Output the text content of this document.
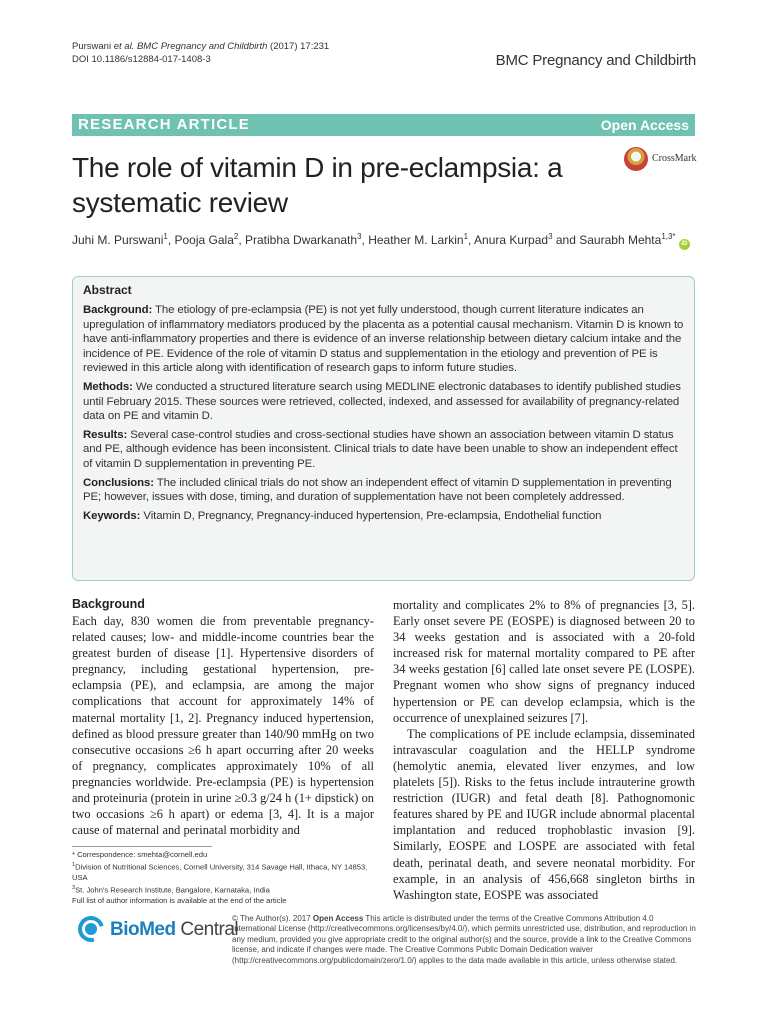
Purswani et al. BMC Pregnancy and Childbirth (2017) 17:231
DOI 10.1186/s12884-017-1408-3	BMC Pregnancy and Childbirth
RESEARCH ARTICLE	Open Access
The role of vitamin D in pre-eclampsia: a systematic review
CrossMark
Juhi M. Purswani$^1$, Pooja Gala$^2$, Pratibha Dwarkanath$^3$, Heather M. Larkin$^1$, Anura Kurpad$^3$ and Saurabh Mehta$^{1,3*}$ iD
Abstract

Background: The etiology of pre-eclampsia (PE) is not yet fully understood, though current literature indicates an upregulation of inflammatory mediators produced by the placenta as a potential causal mechanism. Vitamin D is known to have anti-inflammatory properties and there is evidence of an inverse relationship between dietary calcium intake and the incidence of PE. Evidence of the role of vitamin D status and supplementation in the etiology and prevention of PE is reviewed in this article along with identification of research gaps to inform future studies.

Methods: We conducted a structured literature search using MEDLINE electronic databases to identify published studies until February 2015. These sources were retrieved, collected, indexed, and assessed for availability of pregnancy-related data on PE and vitamin D.

Results: Several case-control studies and cross-sectional studies have shown an association between vitamin D status and PE, although evidence has been inconsistent. Clinical trials to date have been unable to show an independent effect of vitamin D supplementation in preventing PE.

Conclusions: The included clinical trials do not show an independent effect of vitamin D supplementation in preventing PE; however, issues with dose, timing, and duration of supplementation have not been completely addressed.

Keywords: Vitamin D, Pregnancy, Pregnancy-induced hypertension, Pre-eclampsia, Endothelial function

Background

Each day, 830 women die from preventable pregnancy-related causes; low- and middle-income countries bear the greatest burden of disease [1]. Hypertensive disorders of pregnancy, including gestational hypertension, pre-eclampsia (PE), and eclampsia, are among the major complications that account for approximately 14% of maternal mortality [1, 2]. Pregnancy induced hypertension, defined as blood pressure greater than 140/90 mmHg on two consecutive occasions ≥6 h apart occurring after 20 weeks of pregnancy, complicates approximately 10% of all pregnancies worldwide. Pre-eclampsia (PE) is hypertension and proteinuria (protein in urine ≥0.3 g/24 h (1+ dipstick) on two occasions ≥6 h apart) or edema [3, 4]. It is a major cause of maternal and perinatal morbidity and

mortality and complicates 2% to 8% of pregnancies [3, 5]. Early onset severe PE (EOSPE) is diagnosed between 20 to 34 weeks gestation and is associated with a 20-fold increased risk for maternal mortality compared to PE after 34 weeks gestation [6] called late onset severe PE (LOSPE). Pregnant women who show signs of pregnancy induced hypertension or PE can develop eclampsia, which is the occurrence of unexplained seizures [7].

The complications of PE include eclampsia, disseminated intravascular coagulation and the HELLP syndrome (hemolytic anemia, elevated liver enzymes, and low platelets [5]). Risks to the fetus include intrauterine growth restriction (IUGR) and fetal death [8]. Pathognomonic features shared by PE and IUGR include abnormal placental implantation and reduced trophoblastic invasion [9]. Similarly, EOSPE and LOSPE are associated with fetal death, perinatal death, and severe neonatal morbidity. For example, in an analysis of 456,668 singleton births in Washington state, EOSPE was associated

* Correspondence: smehta@cornell.edu
$^1$Division of Nutritional Sciences, Cornell University, 314 Savage Hall, Ithaca, NY 14853, USA
$^3$St. John's Research Institute, Bangalore, Karnataka, India
Full list of author information is available at the end of the article
BioMed Central
© The Author(s). 2017 Open Access This article is distributed under the terms of the Creative Commons Attribution 4.0 International License (http://creativecommons.org/licenses/by/4.0/), which permits unrestricted use, distribution, and reproduction in any medium, provided you give appropriate credit to the original author(s) and the source, provide a link to the Creative Commons license, and indicate if changes were made. The Creative Commons Public Domain Dedication waiver (http://creativecommons.org/publicdomain/zero/1.0/) applies to the data made available in this article, unless otherwise stated.
